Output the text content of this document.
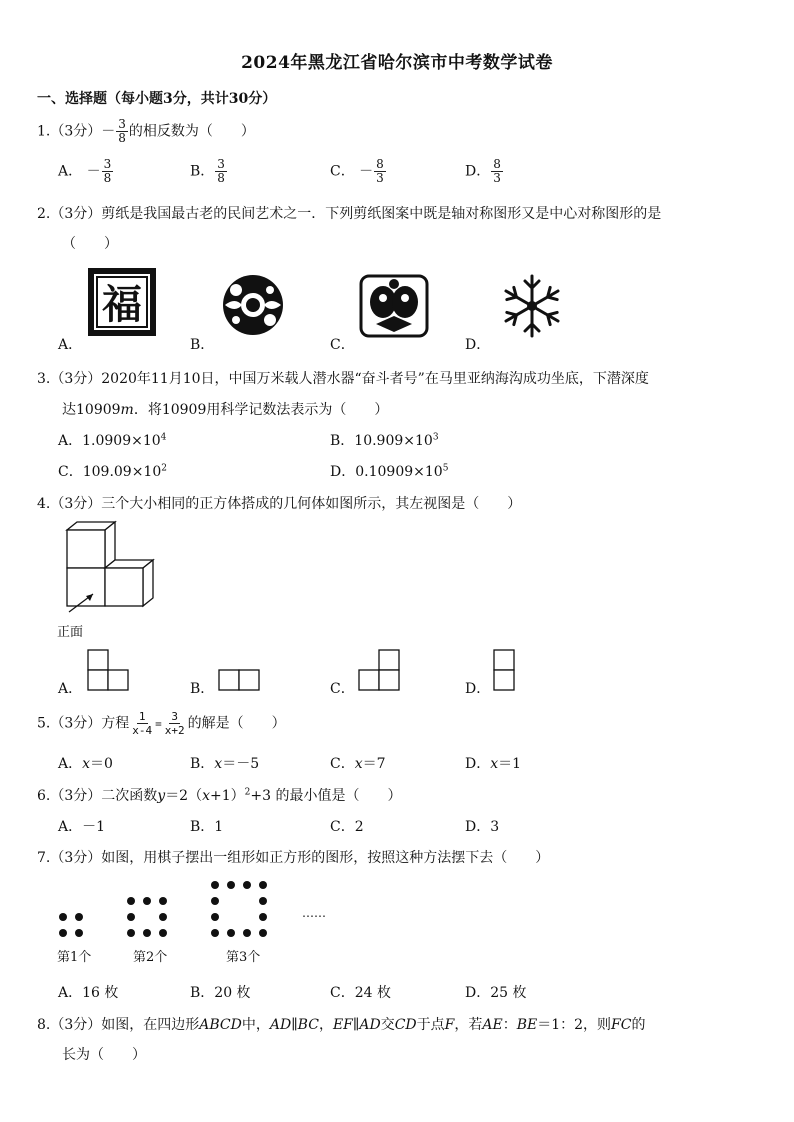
2024年黑龙江省哈尔滨市中考数学试卷
一、选择题（每小题3分，共计30分）
1.（3分）－ $\frac{3}{8}$ 的相反数为（　　）
A． － $\frac{3}{8}$	B． $\frac{3}{8}$	C． － $\frac{8}{3}$	D． $\frac{8}{3}$
2.（3分）剪纸是我国最古老的民间艺术之一．下列剪纸图案中既是轴对称图形又是中心对称图形的是
（　　）
福
A．	B．	C．	D．
3.（3分）2020年11月10日，中国万米载人潜水器“奋斗者号”在马里亚纳海沟成功坐底，下潜深度
达10909m．将10909用科学记数法表示为（　　）
A．$1.0909\times 10^4$	B．$10.909\times 10^3$
C．$109.09\times 10^2$	D．$0.10909\times 10^5$
4.（3分）三个大小相同的正方体搭成的几何体如图所示，其左视图是（　　）
正面
A．	B．	C．	D．
5.（3分）方程 $\frac{1}{x-4} = \frac{3}{x+2}$ 的解是（　　）
A．x＝0	B．x＝－5	C．x＝7	D．x＝1
6.（3分）二次函数$y=2(x+1)^2+3$ 的最小值是（　　）
A．－1	B．1	C．2	D．3
7.（3分）如图，用棋子摆出一组形如正方形的图形，按照这种方法摆下去（　　）
……
第1个	第2个	第3个
A．16 枚	B．20 枚	C．24 枚	D．25 枚
8.（3分）如图，在四边形ABCD中，AD∥BC，EF∥AD交CD于点F，若AE：BE＝1：2，则FC的
长为（　　）
